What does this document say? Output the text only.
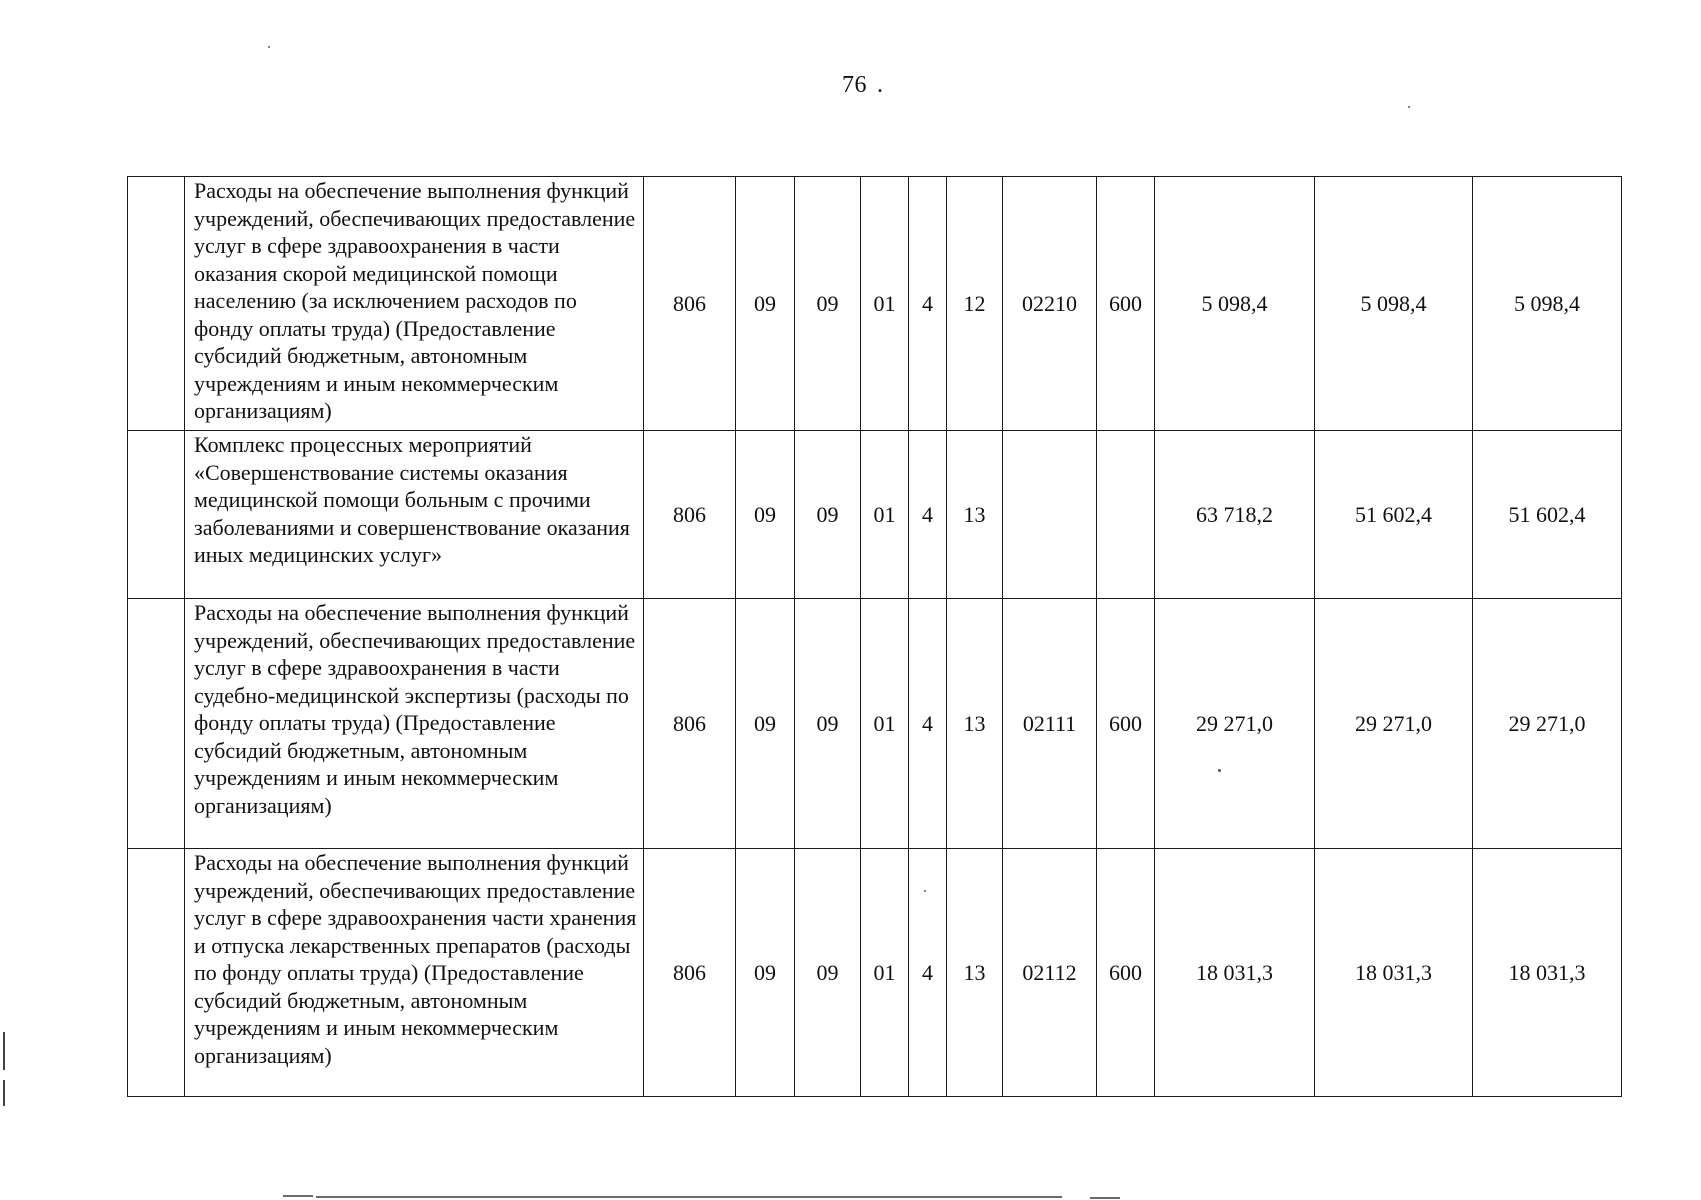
76 .
	Расходы на обеспечение выполнения функций учреждений, обеспечивающих предоставление услуг в сфере здравоохранения в части оказания скорой медицинской помощи населению (за исключением расходов по фонду оплаты труда) (Предоставление субсидий бюджетным, автономным учреждениям и иным некоммерческим организациям)	806	09	09	01	4	12	02210	600	5 098,4	5 098,4	5 098,4
	Комплекс процессных мероприятий «Совершенствование системы оказания медицинской помощи больным с прочими заболеваниями и совершенствование оказания иных медицинских услуг»	806	09	09	01	4	13			63 718,2	51 602,4	51 602,4
	Расходы на обеспечение выполнения функций учреждений, обеспечивающих предоставление услуг в сфере здравоохранения в части судебно-медицинской экспертизы (расходы по фонду оплаты труда) (Предоставление субсидий бюджетным, автономным учреждениям и иным некоммерческим организациям)	806	09	09	01	4	13	02111	600	29 271,0	29 271,0	29 271,0
	Расходы на обеспечение выполнения функций учреждений, обеспечивающих предоставление услуг в сфере здравоохранения части хранения и отпуска лекарственных препаратов (расходы по фонду оплаты труда) (Предоставление субсидий бюджетным, автономным учреждениям и иным некоммерческим организациям)	806	09	09	01	4	13	02112	600	18 031,3	18 031,3	18 031,3
